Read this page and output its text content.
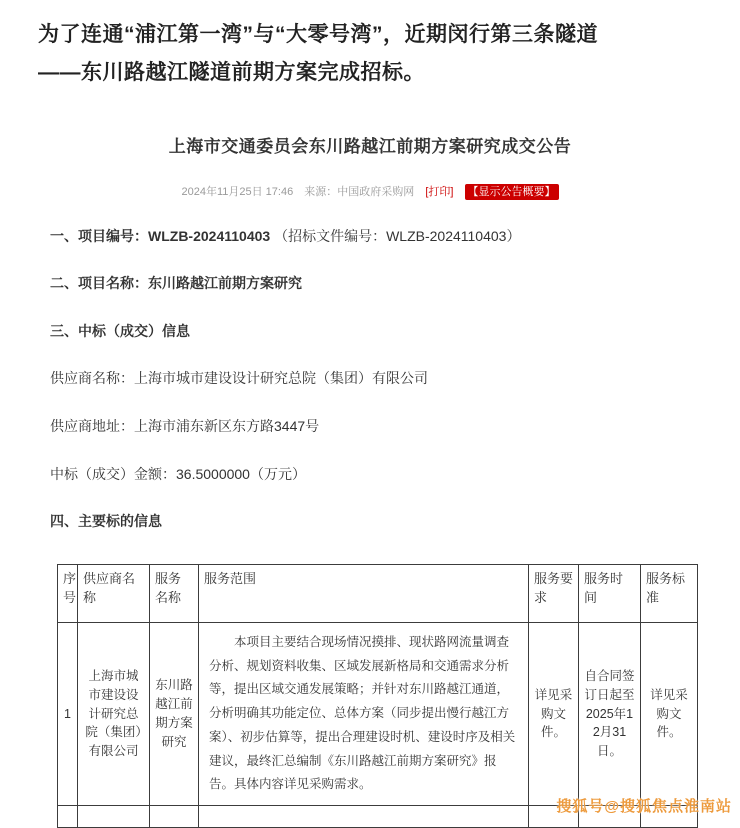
为了连通“浦江第一湾”与“大零号湾”，近期闵行第三条隧道——东川路越江隧道前期方案完成招标。

上海市交通委员会东川路越江前期方案研究成交公告
2024年11月25日 17:46 来源：中国政府采购网 [打印] 【显示公告概要】

一、项目编号：WLZB-2024110403 （招标文件编号：WLZB-2024110403）

二、项目名称：东川路越江前期方案研究

三、中标（成交）信息

供应商名称：上海市城市建设设计研究总院（集团）有限公司

供应商地址：上海市浦东新区东方路3447号

中标（成交）金额：36.5000000（万元）

四、主要标的信息

序号	供应商名称	服务名称	服务范围	服务要求	服务时间	服务标准
1	上海市城市建设设计研究总院（集团）有限公司	东川路越江前期方案研究	本项目主要结合现场情况摸排、现状路网流量调查分析、规划资料收集、区域发展新格局和交通需求分析等，提出区域交通发展策略；并针对东川路越江通道，分析明确其功能定位、总体方案（同步提出慢行越江方案）、初步估算等，提出合理建设时机、建设时序及相关建议，最终汇总编制《东川路越江前期方案研究》报告。具体内容详见采购需求。	详见采购文件。	自合同签订日起至2025年12月31日。	详见采购文件。

搜狐号@搜狐焦点淮南站
